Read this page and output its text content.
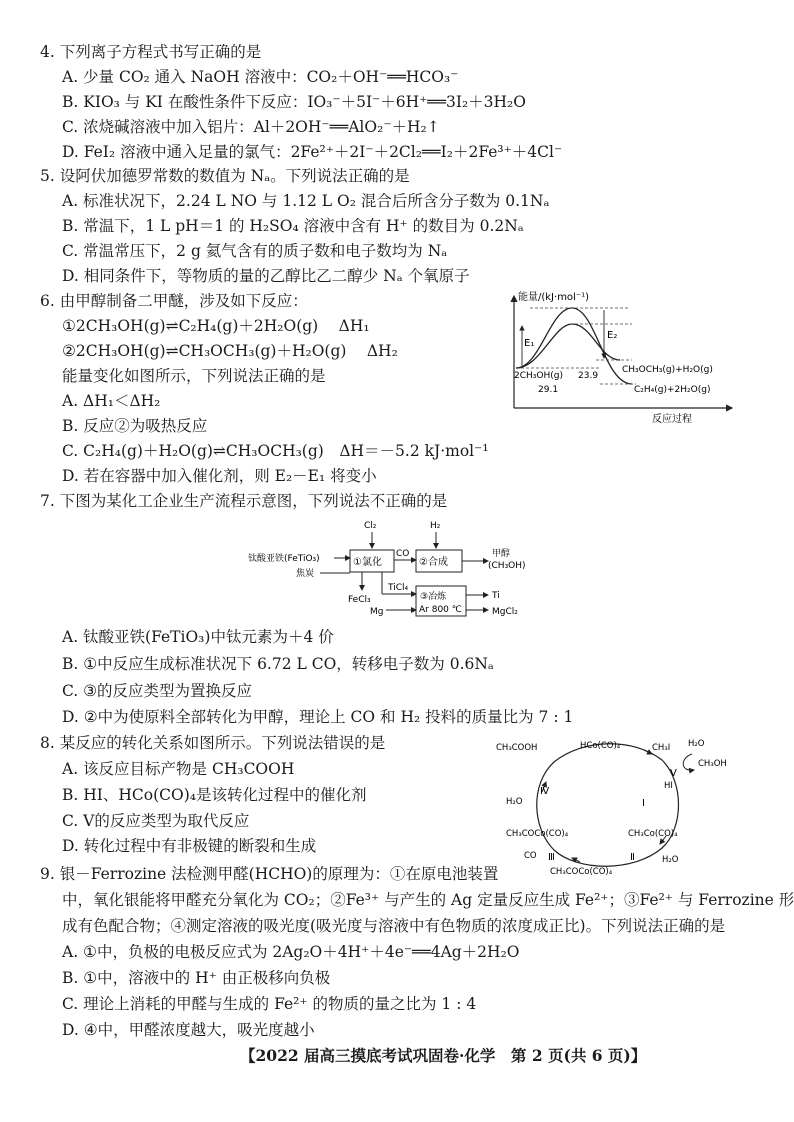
4. 下列离子方程式书写正确的是
A. 少量 CO₂ 通入 NaOH 溶液中：CO₂＋OH⁻══HCO₃⁻
B. KIO₃ 与 KI 在酸性条件下反应：IO₃⁻＋5I⁻＋6H⁺══3I₂＋3H₂O
C. 浓烧碱溶液中加入铝片：Al＋2OH⁻══AlO₂⁻＋H₂↑
D. FeI₂ 溶液中通入足量的氯气：2Fe²⁺＋2I⁻＋2Cl₂══I₂＋2Fe³⁺＋4Cl⁻
5. 设阿伏加德罗常数的数值为 Nₐ。下列说法正确的是
A. 标准状况下，2.24 L NO 与 1.12 L O₂ 混合后所含分子数为 0.1Nₐ
B. 常温下，1 L pH＝1 的 H₂SO₄ 溶液中含有 H⁺ 的数目为 0.2Nₐ
C. 常温常压下，2 g 氦气含有的质子数和电子数均为 Nₐ
D. 相同条件下，等物质的量的乙醇比乙二醇少 Nₐ 个氧原子
6. 由甲醇制备二甲醚，涉及如下反应：
①2CH₃OH(g)⇌C₂H₄(g)＋2H₂O(g)　 ΔH₁
②2CH₃OH(g)⇌CH₃OCH₃(g)＋H₂O(g)　 ΔH₂
能量变化如图所示，下列说法正确的是
A. ΔH₁＜ΔH₂
B. 反应②为吸热反应
C. C₂H₄(g)＋H₂O(g)⇌CH₃OCH₃(g)　ΔH＝－5.2 kJ·mol⁻¹
D. 若在容器中加入催化剂，则 E₂－E₁ 将变小
能量/(kJ·mol⁻¹)
反应过程
E₁
E₂
2CH₃OH(g) 23.9
29.1
CH₃OCH₃(g)+H₂O(g)
C₂H₄(g)+2H₂O(g)
7. 下图为某化工企业生产流程示意图，下列说法不正确的是
Cl₂	H₂
钛酸亚铁(FeTiO₃)
焦炭
①氯化
CO
②合成
甲醇
(CH₃OH)
FeCl₃
TiCl₄
Mg
③冶炼
Ar 800 ℃
Ti
MgCl₂
A. 钛酸亚铁(FeTiO₃)中钛元素为＋4 价
B. ①中反应生成标准状况下 6.72 L CO，转移电子数为 0.6Nₐ
C. ③的反应类型为置换反应
D. ②中为使原料全部转化为甲醇，理论上 CO 和 H₂ 投料的质量比为 7 : 1
8. 某反应的转化关系如图所示。下列说法错误的是
A. 该反应目标产物是 CH₃COOH
B. HI、HCo(CO)₄是该转化过程中的催化剂
C. Ⅴ的反应类型为取代反应
D. 转化过程中有非极键的断裂和生成
CH₃COOH	HCo(CO)₄	CH₃I H₂O
CH₃OH
Ⅴ
HI
Ⅰ
Ⅳ
H₂O
CH₃COCo(CO)₄	CH₃Co(CO)₄
Ⅲ
CO
CH₃COCo(CO)₄
Ⅱ	H₂O
9. 银－Ferrozine 法检测甲醛(HCHO)的原理为：①在原电池装置
中，氧化银能将甲醛充分氧化为 CO₂；②Fe³⁺ 与产生的 Ag 定量反应生成 Fe²⁺；③Fe²⁺ 与 Ferrozine 形
成有色配合物；④测定溶液的吸光度(吸光度与溶液中有色物质的浓度成正比)。下列说法正确的是
A. ①中，负极的电极反应式为 2Ag₂O＋4H⁺＋4e⁻══4Ag＋2H₂O
B. ①中，溶液中的 H⁺ 由正极移向负极
C. 理论上消耗的甲醛与生成的 Fe²⁺ 的物质的量之比为 1 : 4
D. ④中，甲醛浓度越大，吸光度越小
【2022 届高三摸底考试巩固卷·化学　第 2 页(共 6 页)】
